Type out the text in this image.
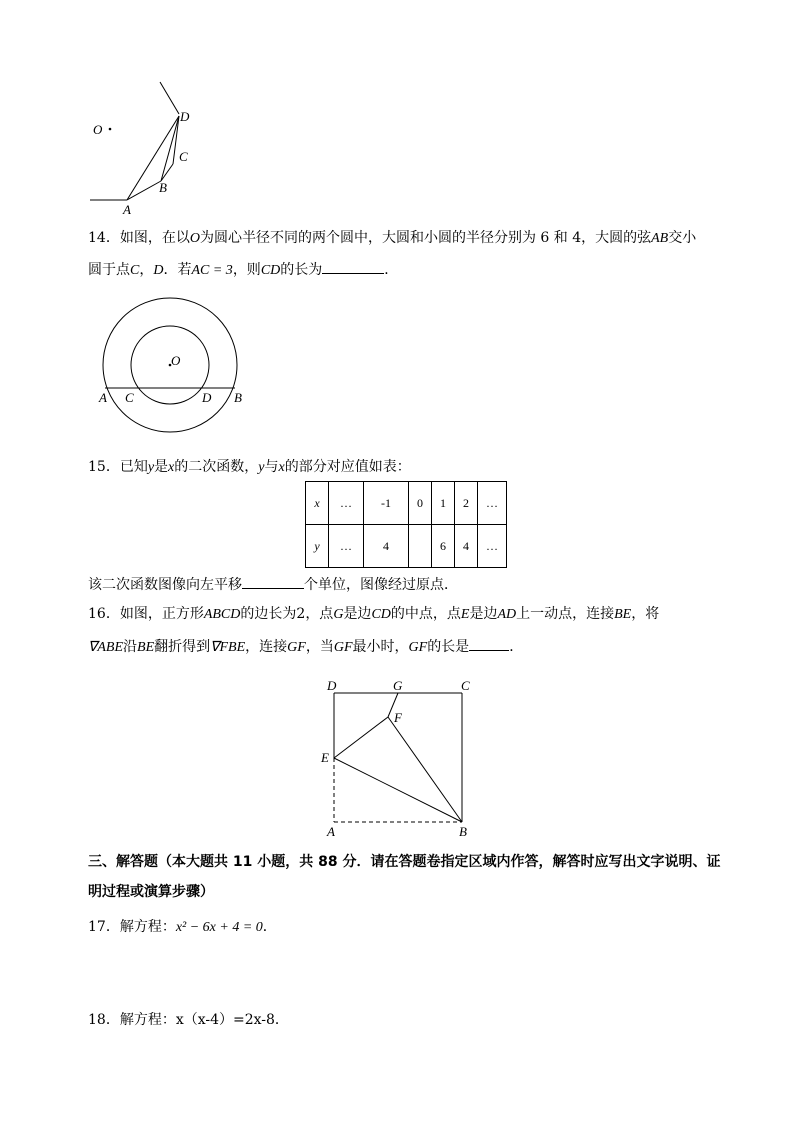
O
D
C
B
A
14．如图，在以O为圆心半径不同的两个圆中，大圆和小圆的半径分别为 6 和 4，大圆的弦AB交小
圆于点C，D．若AC = 3，则CD的长为	．
O
A C	D B
15．已知y是x的二次函数，y与x的部分对应值如表：
x	…	-1	0	1	2	…
y	…	4		6	4	…
该二次函数图像向左平移	个单位，图像经过原点．
16．如图，正方形ABCD的边长为2，点G是边CD的中点，点E是边AD上一动点，连接BE，将
∇ABE沿BE翻折得到∇FBE，连接GF，当GF最小时，GF的长是	．
D	G	C
F
E
A	B
三、解答题（本大题共 11 小题，共 88 分．请在答题卷指定区域内作答，解答时应写出文字说明、证
明过程或演算步骤）
17．解方程：x² − 6x + 4 = 0．
18．解方程：x（x-4）=2x-8．
